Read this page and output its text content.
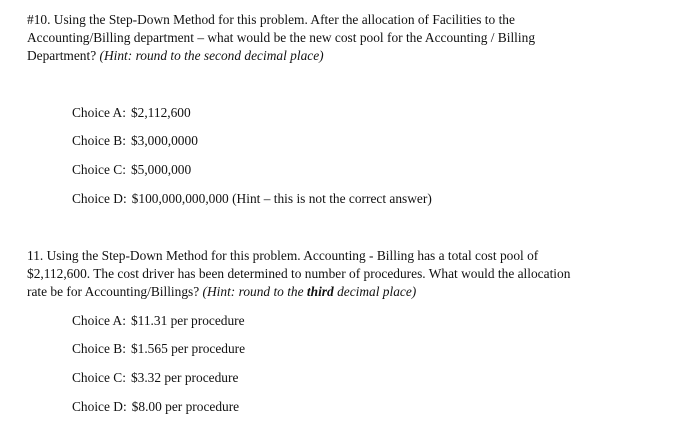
#10. Using the Step-Down Method for this problem. After the allocation of Facilities to the
Accounting/Billing department – what would be the new cost pool for the Accounting / Billing
Department? (Hint: round to the second decimal place)
Choice A: $2,112,600
Choice B: $3,000,0000
Choice C: $5,000,000
Choice D: $100,000,000,000 (Hint – this is not the correct answer)
11. Using the Step-Down Method for this problem. Accounting - Billing has a total cost pool of
$2,112,600. The cost driver has been determined to number of procedures. What would the allocation
rate be for Accounting/Billings? (Hint: round to the third decimal place)
Choice A: $11.31 per procedure
Choice B: $1.565 per procedure
Choice C: $3.32 per procedure
Choice D: $8.00 per procedure
